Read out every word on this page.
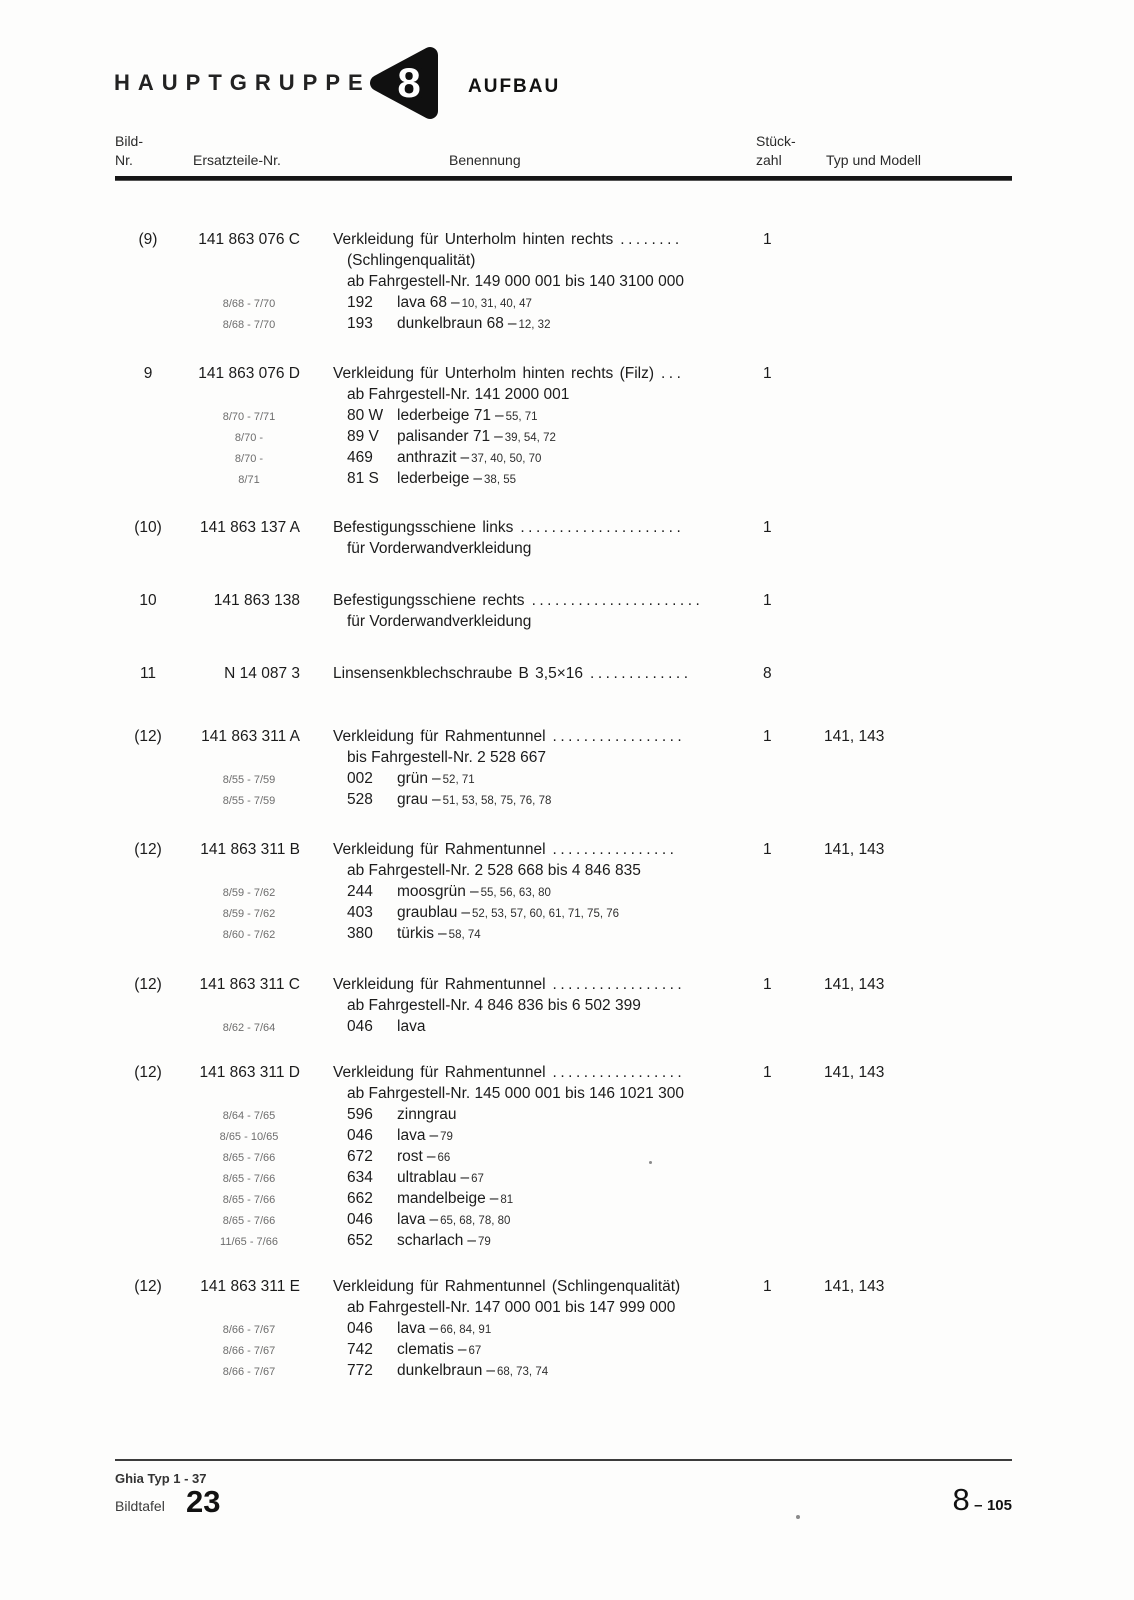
HAUPTGRUPPE 8 AUFBAU
Bild-
Nr.	Ersatzteile-Nr.	Benennung
Stück-
zahl	Typ und Modell
(9)	141 863 076 C Verkleidung für Unterholm hinten rechts ........	1
(Schlingenqualität)
ab Fahrgestell-Nr. 149 000 001 bis 140 3100 000
8/68 - 7/70	192 lava 68 – 10, 31, 40, 47
8/68 - 7/70	193 dunkelbraun 68 – 12, 32
9	141 863 076 D Verkleidung für Unterholm hinten rechts (Filz) ...	1
ab Fahrgestell-Nr. 141 2000 001
8/70 - 7/71	80 W lederbeige 71 – 55, 71
8/70 -	89 V palisander 71 – 39, 54, 72
8/70 -	469 anthrazit – 37, 40, 50, 70
8/71	81 S lederbeige – 38, 55
(10)	141 863 137 A Befestigungsschiene links .....................	1
für Vorderwandverkleidung
10	141 863 138 Befestigungsschiene rechts ......................	1
für Vorderwandverkleidung
11	N 14 087 3 Linsensenkblechschraube B 3,5×16 .............	8
(12)	141 863 311 A Verkleidung für Rahmentunnel .................	1	141, 143
bis Fahrgestell-Nr. 2 528 667
8/55 - 7/59	002 grün – 52, 71
8/55 - 7/59	528 grau – 51, 53, 58, 75, 76, 78
(12)	141 863 311 B Verkleidung für Rahmentunnel ................	1	141, 143
ab Fahrgestell-Nr. 2 528 668 bis 4 846 835
8/59 - 7/62	244 moosgrün – 55, 56, 63, 80
8/59 - 7/62	403 graublau – 52, 53, 57, 60, 61, 71, 75, 76
8/60 - 7/62	380 türkis – 58, 74
(12)	141 863 311 C Verkleidung für Rahmentunnel .................	1	141, 143
ab Fahrgestell-Nr. 4 846 836 bis 6 502 399
8/62 - 7/64	046 lava
(12)	141 863 311 D Verkleidung für Rahmentunnel .................	1	141, 143
ab Fahrgestell-Nr. 145 000 001 bis 146 1021 300
8/64 - 7/65	596 zinngrau
8/65 - 10/65	046 lava – 79
8/65 - 7/66	672 rost – 66
8/65 - 7/66	634 ultrablau – 67
8/65 - 7/66	662 mandelbeige – 81
8/65 - 7/66	046 lava – 65, 68, 78, 80
11/65 - 7/66	652 scharlach – 79
(12)	141 863 311 E Verkleidung für Rahmentunnel (Schlingenqualität)	1	141, 143
ab Fahrgestell-Nr. 147 000 001 bis 147 999 000
8/66 - 7/67	046 lava – 66, 84, 91
8/66 - 7/67	742 clematis – 67
8/66 - 7/67	772 dunkelbraun – 68, 73, 74
Ghia Typ 1 - 37
Bildtafel 23	8 – 105
